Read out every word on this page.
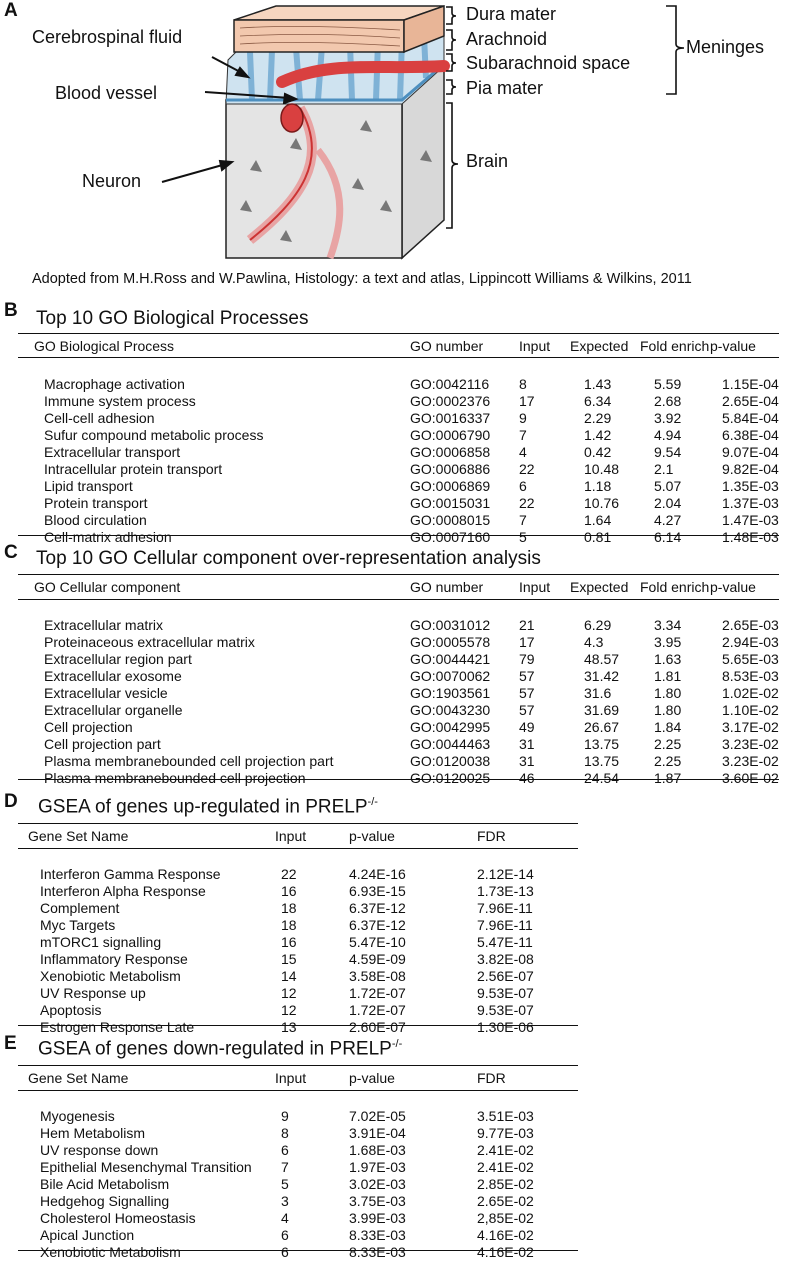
A	Dura mater
Arachnoid
Subarachnoid space
Pia mater
Meninges
Brain
Cerebrospinal fluid
Blood vessel
Neuron
Adopted from M.H.Ross and W.Pawlina, Histology: a text and atlas, Lippincott Williams & Wilkins, 2011
B Top 10 GO Biological Processes
GO Biological Process	GO number	Input	Expected	Fold enrich	p-value

Macrophage activation	GO:0042116	8	1.43	5.59	1.15E-04
Immune system process	GO:0002376	17	6.34	2.68	2.65E-04
Cell-cell adhesion	GO:0016337	9	2.29	3.92	5.84E-04
Sufur compound metabolic process	GO:0006790	7	1.42	4.94	6.38E-04
Extracellular transport	GO:0006858	4	0.42	9.54	9.07E-04
Intracellular protein transport	GO:0006886	22	10.48	2.1	9.82E-04
Lipid transport	GO:0006869	6	1.18	5.07	1.35E-03
Protein transport	GO:0015031	22	10.76	2.04	1.37E-03
Blood circulation	GO:0008015	7	1.64	4.27	1.47E-03
Cell-matrix adhesion	GO:0007160	5	0.81	6.14	1.48E-03
C Top 10 GO Cellular component over-representation analysis
GO Cellular component	GO number	Input	Expected	Fold enrich	p-value

Extracellular matrix	GO:0031012	21	6.29	3.34	2.65E-03
Proteinaceous extracellular matrix	GO:0005578	17	4.3	3.95	2.94E-03
Extracellular region part	GO:0044421	79	48.57	1.63	5.65E-03
Extracellular exosome	GO:0070062	57	31.42	1.81	8.53E-03
Extracellular vesicle	GO:1903561	57	31.6	1.80	1.02E-02
Extracellular organelle	GO:0043230	57	31.69	1.80	1.10E-02
Cell projection	GO:0042995	49	26.67	1.84	3.17E-02
Cell projection part	GO:0044463	31	13.75	2.25	3.23E-02
Plasma membranebounded cell projection part	GO:0120038	31	13.75	2.25	3.23E-02
Plasma membranebounded cell projection	GO:0120025	46	24.54	1.87	3.60E-02
D GSEA of genes up-regulated in PRELP-/-
Gene Set Name	Input	p-value	FDR

Interferon Gamma Response	22	4.24E-16	2.12E-14
Interferon Alpha Response	16	6.93E-15	1.73E-13
Complement	18	6.37E-12	7.96E-11
Myc Targets	18	6.37E-12	7.96E-11
mTORC1 signalling	16	5.47E-10	5.47E-11
Inflammatory Response	15	4.59E-09	3.82E-08
Xenobiotic Metabolism	14	3.58E-08	2.56E-07
UV Response up	12	1.72E-07	9.53E-07
Apoptosis	12	1.72E-07	9.53E-07
Estrogen Response Late	13	2.60E-07	1.30E-06
E GSEA of genes down-regulated in PRELP-/-
Gene Set Name	Input	p-value	FDR

Myogenesis	9	7.02E-05	3.51E-03
Hem Metabolism	8	3.91E-04	9.77E-03
UV response down	6	1.68E-03	2.41E-02
Epithelial Mesenchymal Transition	7	1.97E-03	2.41E-02
Bile Acid Metabolism	5	3.02E-03	2.85E-02
Hedgehog Signalling	3	3.75E-03	2.65E-02
Cholesterol Homeostasis	4	3.99E-03	2,85E-02
Apical Junction	6	8.33E-03	4.16E-02
Xenobiotic Metabolism	6	8.33E-03	4.16E-02
